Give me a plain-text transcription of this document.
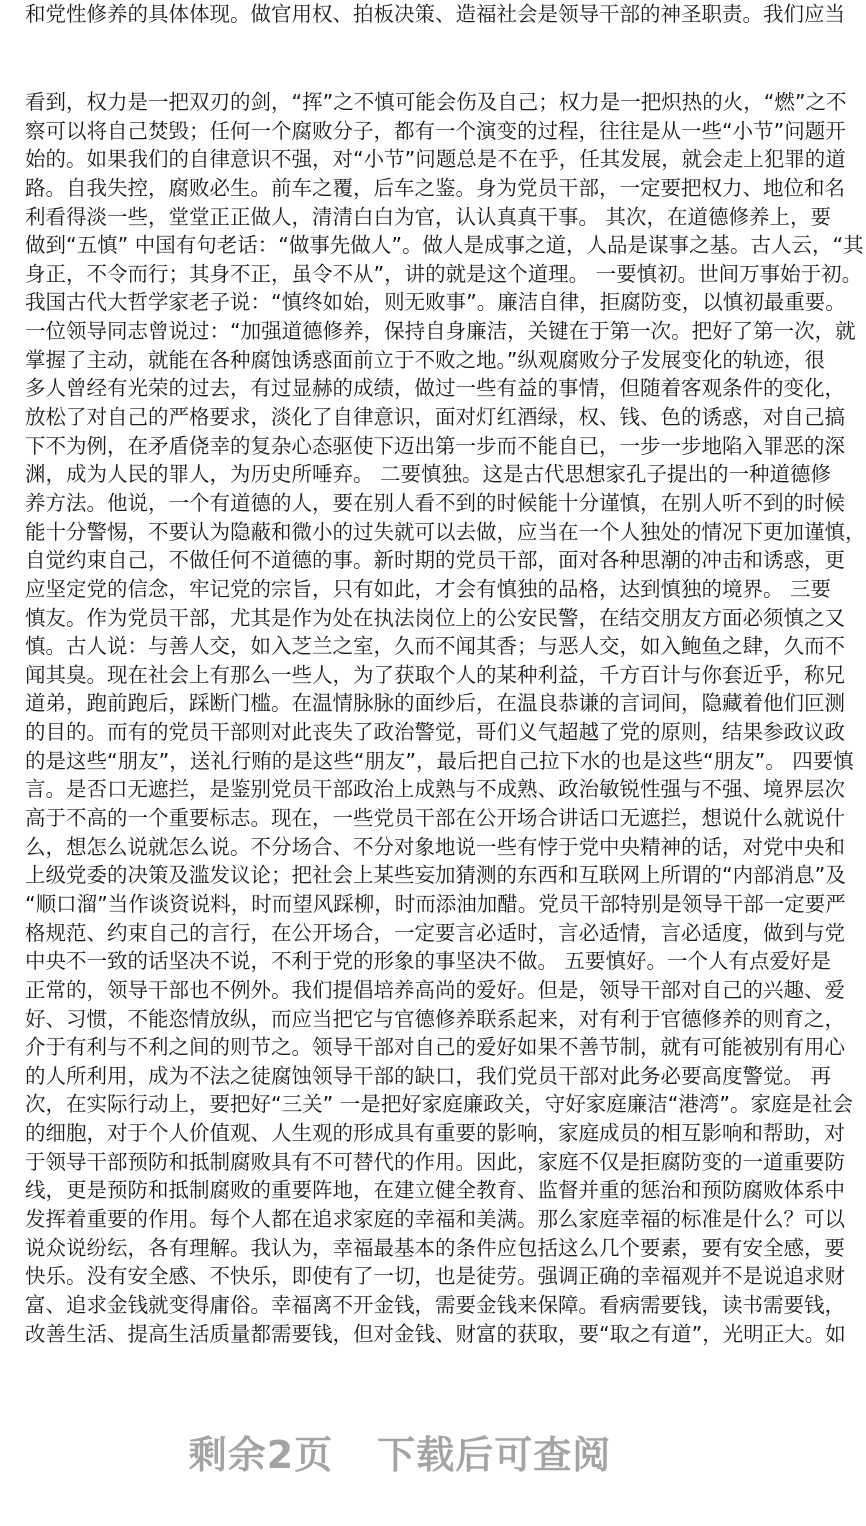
和党性修养的具体体现。做官用权、拍板决策、造福社会是领导干部的神圣职责。我们应当
看到，权力是一把双刃的剑，“挥”之不慎可能会伤及自己；权力是一把炽热的火，“燃”之不
察可以将自己焚毁；任何一个腐败分子，都有一个演变的过程，往往是从一些“小节”问题开
始的。如果我们的自律意识不强，对“小节”问题总是不在乎，任其发展，就会走上犯罪的道
路。自我失控，腐败必生。前车之覆，后车之鉴。身为党员干部，一定要把权力、地位和名
利看得淡一些，堂堂正正做人，清清白白为官，认认真真干事。 其次，在道德修养上，要
做到“五慎” 中国有句老话：“做事先做人”。做人是成事之道，人品是谋事之基。古人云，“其
身正，不令而行；其身不正，虽令不从”，讲的就是这个道理。 一要慎初。世间万事始于初。
我国古代大哲学家老子说：“慎终如始，则无败事”。廉洁自律，拒腐防变，以慎初最重要。
一位领导同志曾说过：“加强道德修养，保持自身廉洁，关键在于第一次。把好了第一次，就
掌握了主动，就能在各种腐蚀诱惑面前立于不败之地。”纵观腐败分子发展变化的轨迹，很
多人曾经有光荣的过去，有过显赫的成绩，做过一些有益的事情，但随着客观条件的变化，
放松了对自己的严格要求，淡化了自律意识，面对灯红酒绿，权、钱、色的诱惑，对自己搞
下不为例，在矛盾侥幸的复杂心态驱使下迈出第一步而不能自已，一步一步地陷入罪恶的深
渊，成为人民的罪人，为历史所唾弃。 二要慎独。这是古代思想家孔子提出的一种道德修
养方法。他说，一个有道德的人，要在别人看不到的时候能十分谨慎，在别人听不到的时候
能十分警惕，不要认为隐蔽和微小的过失就可以去做，应当在一个人独处的情况下更加谨慎，
自觉约束自己，不做任何不道德的事。新时期的党员干部，面对各种思潮的冲击和诱惑，更
应坚定党的信念，牢记党的宗旨，只有如此，才会有慎独的品格，达到慎独的境界。 三要
慎友。作为党员干部，尤其是作为处在执法岗位上的公安民警，在结交朋友方面必须慎之又
慎。古人说：与善人交，如入芝兰之室，久而不闻其香；与恶人交，如入鲍鱼之肆，久而不
闻其臭。现在社会上有那么一些人，为了获取个人的某种利益，千方百计与你套近乎，称兄
道弟，跑前跑后，踩断门槛。在温情脉脉的面纱后，在温良恭谦的言词间，隐藏着他们叵测
的目的。而有的党员干部则对此丧失了政治警觉，哥们义气超越了党的原则，结果参政议政
的是这些“朋友”，送礼行贿的是这些“朋友”，最后把自己拉下水的也是这些“朋友”。 四要慎
言。是否口无遮拦，是鉴别党员干部政治上成熟与不成熟、政治敏锐性强与不强、境界层次
高于不高的一个重要标志。现在，一些党员干部在公开场合讲话口无遮拦，想说什么就说什
么，想怎么说就怎么说。不分场合、不分对象地说一些有悖于党中央精神的话，对党中央和
上级党委的决策及滥发议论；把社会上某些妄加猜测的东西和互联网上所谓的“内部消息”及
“顺口溜”当作谈资说料，时而望风踩柳，时而添油加醋。党员干部特别是领导干部一定要严
格规范、约束自己的言行，在公开场合，一定要言必适时，言必适情，言必适度，做到与党
中央不一致的话坚决不说，不利于党的形象的事坚决不做。 五要慎好。一个人有点爱好是
正常的，领导干部也不例外。我们提倡培养高尚的爱好。但是，领导干部对自己的兴趣、爱
好、习惯，不能恣情放纵，而应当把它与官德修养联系起来，对有利于官德修养的则育之，
介于有利与不利之间的则节之。领导干部对自己的爱好如果不善节制，就有可能被别有用心
的人所利用，成为不法之徒腐蚀领导干部的缺口，我们党员干部对此务必要高度警觉。 再
次，在实际行动上，要把好“三关” 一是把好家庭廉政关，守好家庭廉洁“港湾”。家庭是社会
的细胞，对于个人价值观、人生观的形成具有重要的影响，家庭成员的相互影响和帮助，对
于领导干部预防和抵制腐败具有不可替代的作用。因此，家庭不仅是拒腐防变的一道重要防
线，更是预防和抵制腐败的重要阵地，在建立健全教育、监督并重的惩治和预防腐败体系中
发挥着重要的作用。每个人都在追求家庭的幸福和美满。那么家庭幸福的标准是什么？可以
说众说纷纭，各有理解。我认为，幸福最基本的条件应包括这么几个要素，要有安全感，要
快乐。没有安全感、不快乐，即使有了一切，也是徒劳。强调正确的幸福观并不是说追求财
富、追求金钱就变得庸俗。幸福离不开金钱，需要金钱来保障。看病需要钱，读书需要钱，
改善生活、提高生活质量都需要钱，但对金钱、财富的获取，要“取之有道”，光明正大。如
剩余2页 下载后可查阅
